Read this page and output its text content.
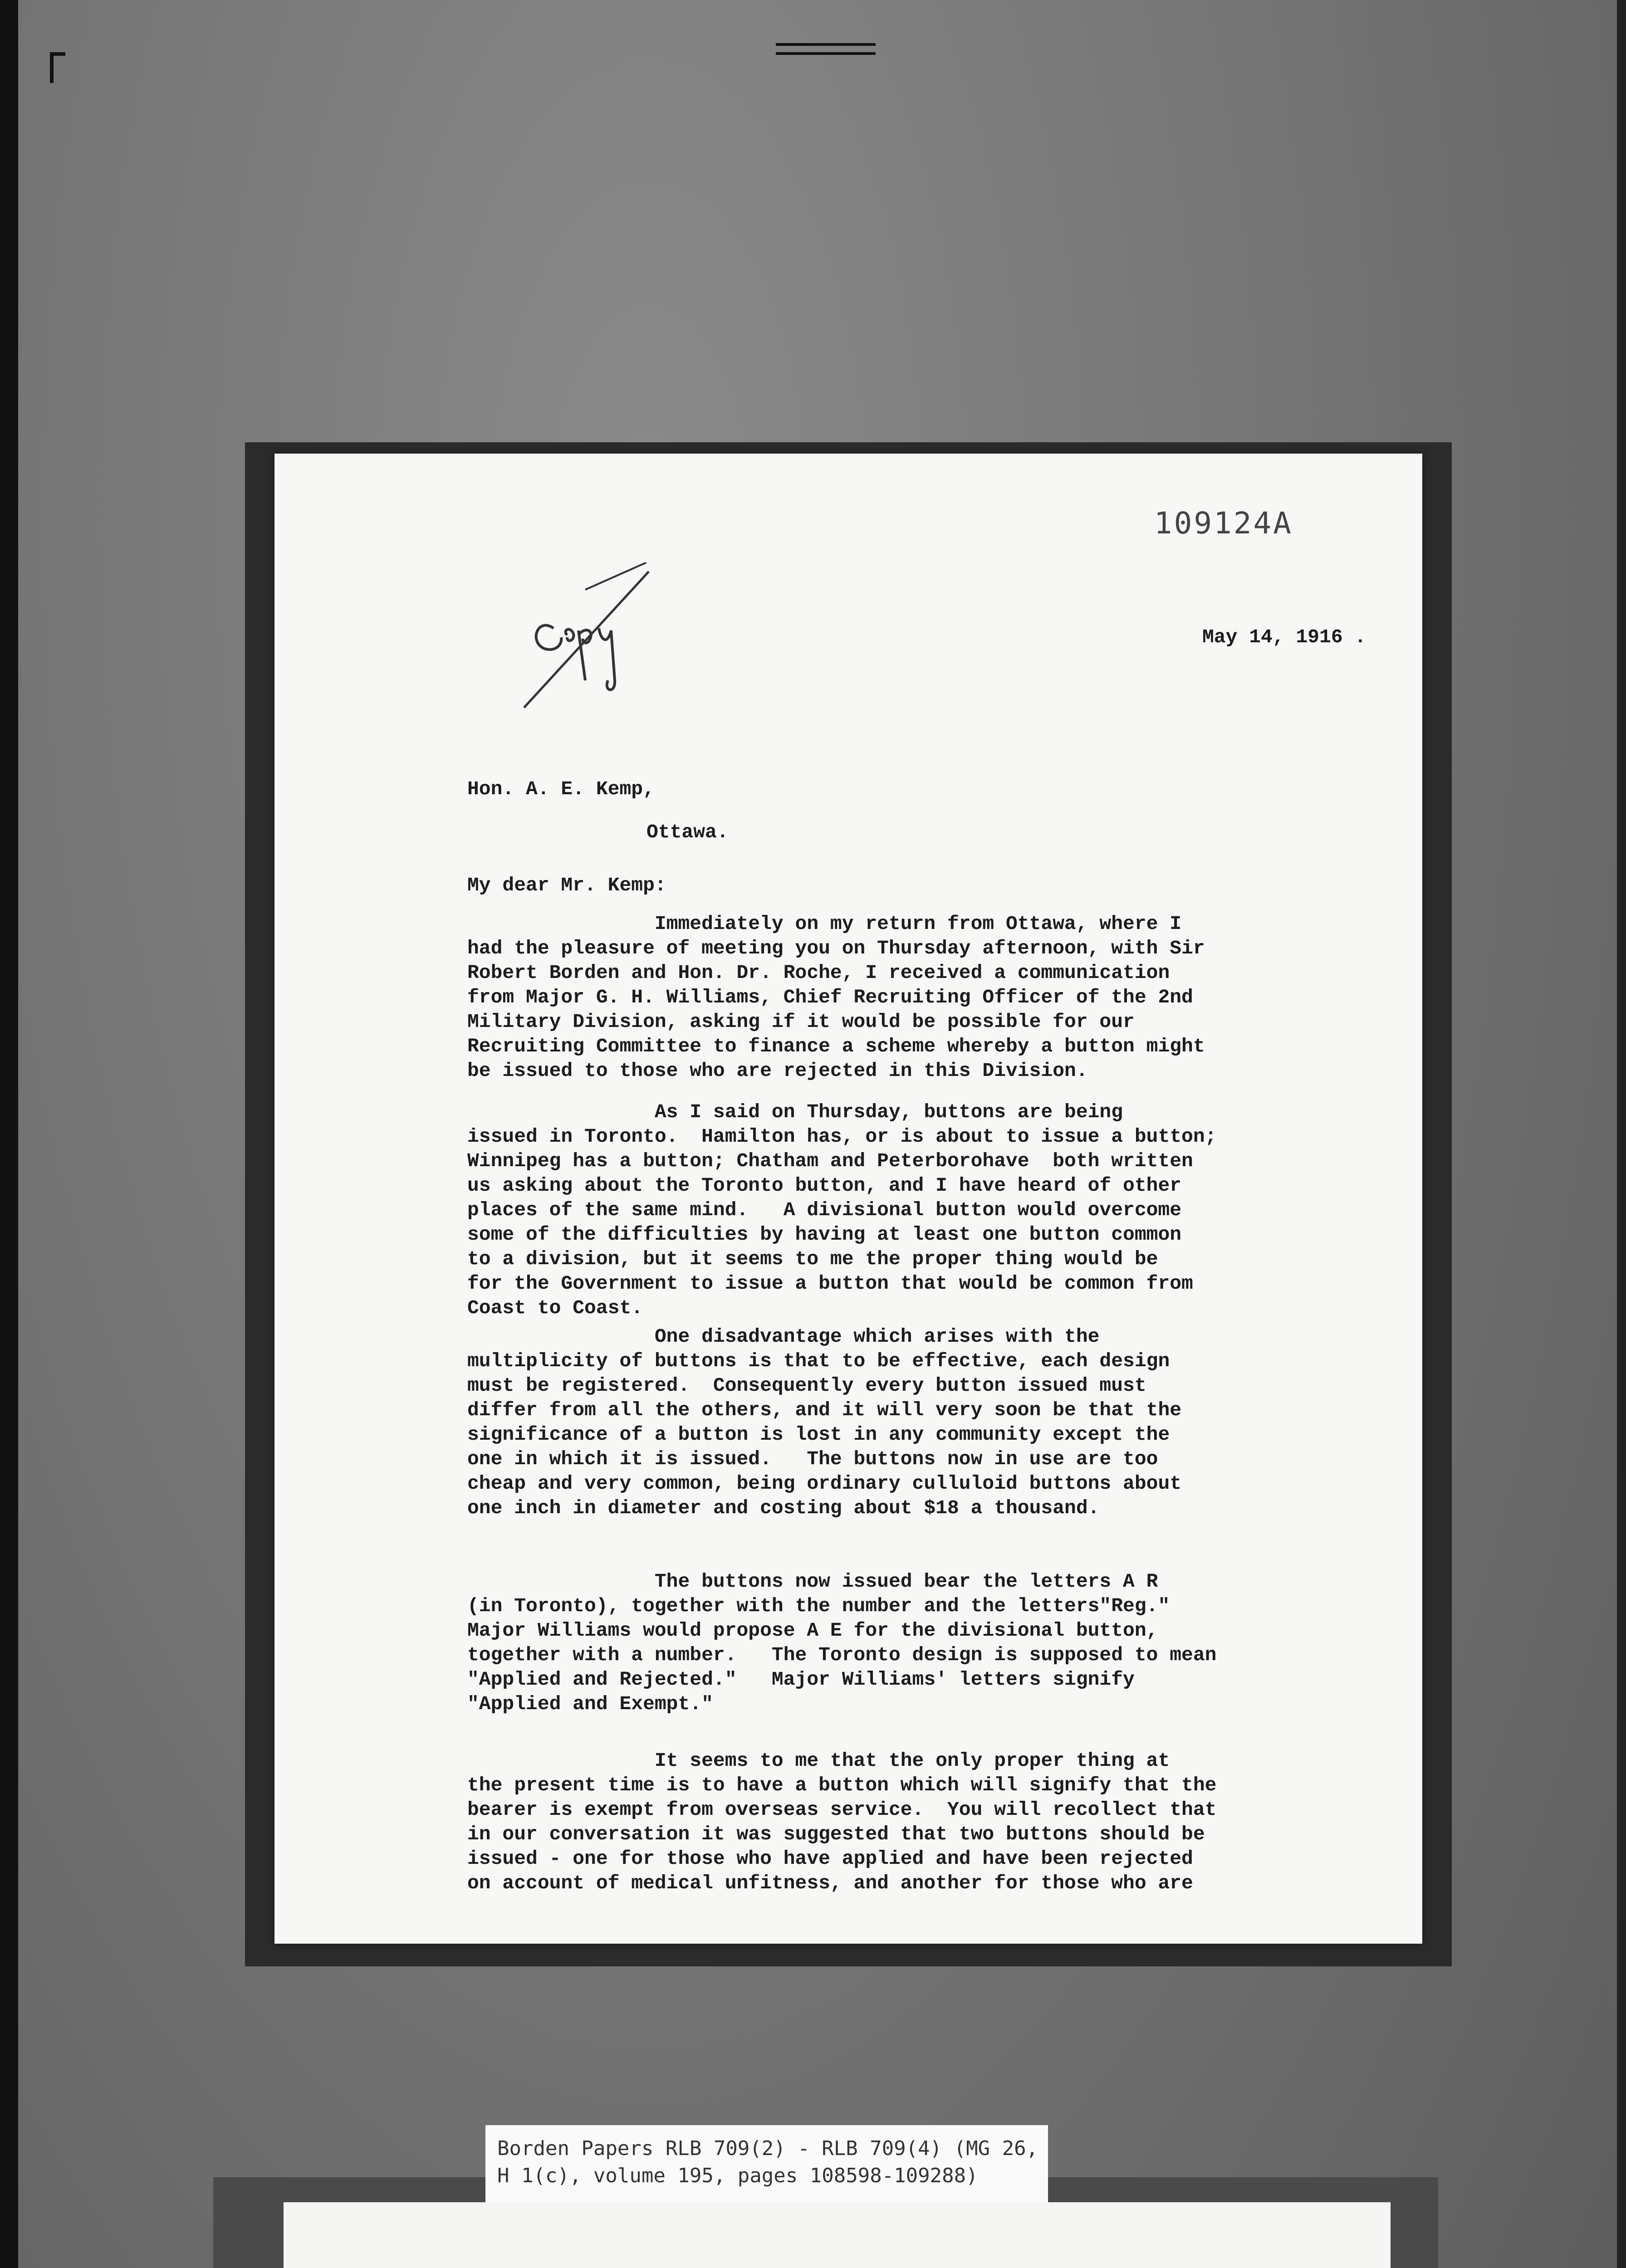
109124A

May 14, 1916 .

Hon. A. E. Kemp,

Ottawa.

My dear Mr. Kemp:

Immediately on my return from Ottawa, where I
had the pleasure of meeting you on Thursday afternoon, with Sir
Robert Borden and Hon. Dr. Roche, I received a communication
from Major G. H. Williams, Chief Recruiting Officer of the 2nd
Military Division, asking if it would be possible for our
Recruiting Committee to finance a scheme whereby a button might
be issued to those who are rejected in this Division.

As I said on Thursday, buttons are being
issued in Toronto.  Hamilton has, or is about to issue a button;
Winnipeg has a button; Chatham and Peterborohave  both written
us asking about the Toronto button, and I have heard of other
places of the same mind.   A divisional button would overcome
some of the difficulties by having at least one button common
to a division, but it seems to me the proper thing would be
for the Government to issue a button that would be common from
Coast to Coast.

One disadvantage which arises with the
multiplicity of buttons is that to be effective, each design
must be registered.  Consequently every button issued must
differ from all the others, and it will very soon be that the
significance of a button is lost in any community except the
one in which it is issued.   The buttons now in use are too
cheap and very common, being ordinary culluloid buttons about
one inch in diameter and costing about $18 a thousand.

The buttons now issued bear the letters A R
(in Toronto), together with the number and the letters"Reg."
Major Williams would propose A E for the divisional button,
together with a number.   The Toronto design is supposed to mean
"Applied and Rejected."   Major Williams' letters signify
"Applied and Exempt."

It seems to me that the only proper thing at
the present time is to have a button which will signify that the
bearer is exempt from overseas service.  You will recollect that
in our conversation it was suggested that two buttons should be
issued - one for those who have applied and have been rejected
on account of medical unfitness, and another for those who are

Borden Papers RLB 709(2) - RLB 709(4) (MG 26,
H 1(c), volume 195, pages 108598-109288)
